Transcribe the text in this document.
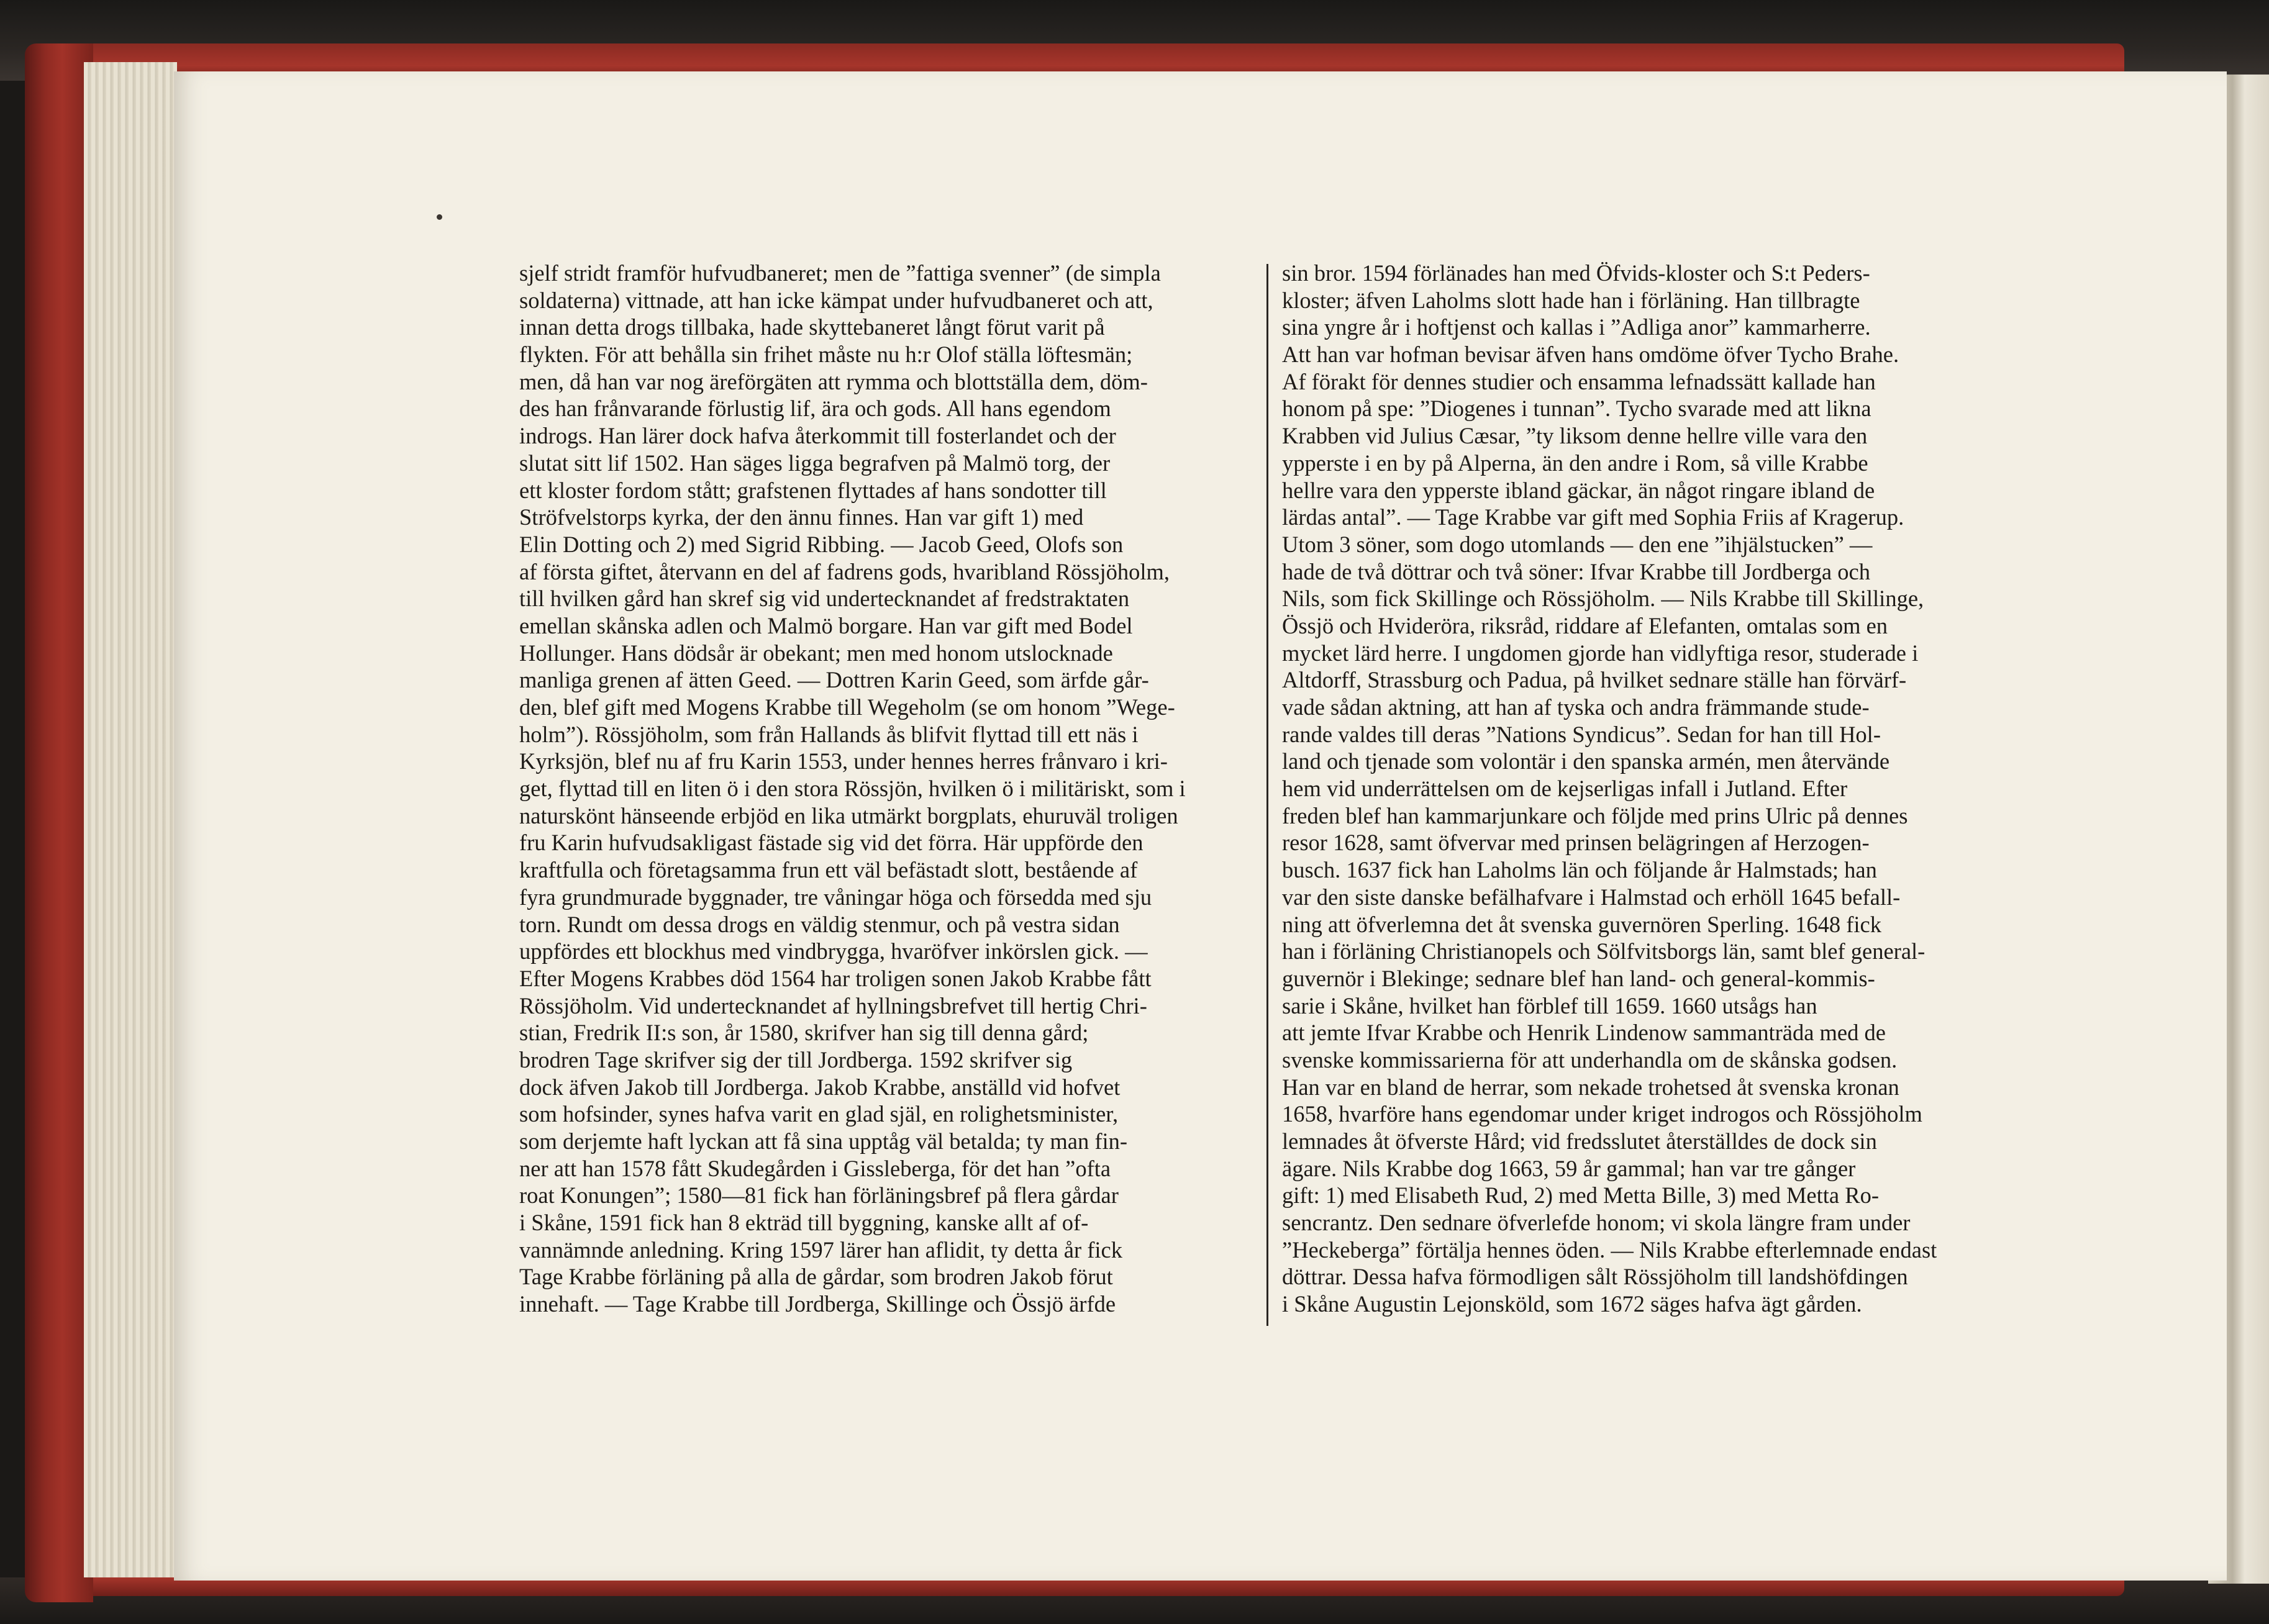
sjelf stridt framför hufvudbaneret; men de ”fattiga svenner” (de simpla
soldaterna) vittnade, att han icke kämpat under hufvudbaneret och att,
innan detta drogs tillbaka, hade skyttebaneret långt förut varit på
flykten. För att behålla sin frihet måste nu h:r Olof ställa löftesmän;
men, då han var nog äreförgäten att rymma och blottställa dem, döm-
des han frånvarande förlustig lif, ära och gods. All hans egendom
indrogs. Han lärer dock hafva återkommit till fosterlandet och der
slutat sitt lif 1502. Han säges ligga begrafven på Malmö torg, der
ett kloster fordom stått; grafstenen flyttades af hans sondotter till
Ströfvelstorps kyrka, der den ännu finnes. Han var gift 1) med
Elin Dotting och 2) med Sigrid Ribbing. — Jacob Geed, Olofs son
af första giftet, återvann en del af fadrens gods, hvaribland Rössjöholm,
till hvilken gård han skref sig vid undertecknandet af fredstraktaten
emellan skånska adlen och Malmö borgare. Han var gift med Bodel
Hollunger. Hans dödsår är obekant; men med honom utslocknade
manliga grenen af ätten Geed. — Dottren Karin Geed, som ärfde går-
den, blef gift med Mogens Krabbe till Wegeholm (se om honom ”Wege-
holm”). Rössjöholm, som från Hallands ås blifvit flyttad till ett näs i
Kyrksjön, blef nu af fru Karin 1553, under hennes herres frånvaro i kri-
get, flyttad till en liten ö i den stora Rössjön, hvilken ö i militäriskt, som i
naturskönt hänseende erbjöd en lika utmärkt borgplats, ehuruväl troligen
fru Karin hufvudsakligast fästade sig vid det förra. Här uppförde den
kraftfulla och företagsamma frun ett väl befästadt slott, bestående af
fyra grundmurade byggnader, tre våningar höga och försedda med sju
torn. Rundt om dessa drogs en väldig stenmur, och på vestra sidan
uppfördes ett blockhus med vindbrygga, hvaröfver inkörslen gick. —
Efter Mogens Krabbes död 1564 har troligen sonen Jakob Krabbe fått
Rössjöholm. Vid undertecknandet af hyllningsbrefvet till hertig Chri-
stian, Fredrik II:s son, år 1580, skrifver han sig till denna gård;
brodren Tage skrifver sig der till Jordberga. 1592 skrifver sig
dock äfven Jakob till Jordberga. Jakob Krabbe, anställd vid hofvet
som hofsinder, synes hafva varit en glad själ, en rolighetsminister,
som derjemte haft lyckan att få sina upptåg väl betalda; ty man fin-
ner att han 1578 fått Skudegården i Gissleberga, för det han ”ofta
roat Konungen”; 1580—81 fick han förläningsbref på flera gårdar
i Skåne, 1591 fick han 8 ekträd till byggning, kanske allt af of-
vannämnde anledning. Kring 1597 lärer han aflidit, ty detta år fick
Tage Krabbe förläning på alla de gårdar, som brodren Jakob förut
innehaft. — Tage Krabbe till Jordberga, Skillinge och Össjö ärfde
sin bror. 1594 förlänades han med Öfvids-kloster och S:t Peders-
kloster; äfven Laholms slott hade han i förläning. Han tillbragte
sina yngre år i hoftjenst och kallas i ”Adliga anor” kammarherre.
Att han var hofman bevisar äfven hans omdöme öfver Tycho Brahe.
Af förakt för dennes studier och ensamma lefnadssätt kallade han
honom på spe: ”Diogenes i tunnan”. Tycho svarade med att likna
Krabben vid Julius Cæsar, ”ty liksom denne hellre ville vara den
ypperste i en by på Alperna, än den andre i Rom, så ville Krabbe
hellre vara den ypperste ibland gäckar, än något ringare ibland de
lärdas antal”. — Tage Krabbe var gift med Sophia Friis af Kragerup.
Utom 3 söner, som dogo utomlands — den ene ”ihjälstucken” —
hade de två döttrar och två söner: Ifvar Krabbe till Jordberga och
Nils, som fick Skillinge och Rössjöholm. — Nils Krabbe till Skillinge,
Össjö och Hvideröra, riksråd, riddare af Elefanten, omtalas som en
mycket lärd herre. I ungdomen gjorde han vidlyftiga resor, studerade i
Altdorff, Strassburg och Padua, på hvilket sednare ställe han förvärf-
vade sådan aktning, att han af tyska och andra främmande stude-
rande valdes till deras ”Nations Syndicus”. Sedan for han till Hol-
land och tjenade som volontär i den spanska armén, men återvände
hem vid underrättelsen om de kejserligas infall i Jutland. Efter
freden blef han kammarjunkare och följde med prins Ulric på dennes
resor 1628, samt öfvervar med prinsen belägringen af Herzogen-
busch. 1637 fick han Laholms län och följande år Halmstads; han
var den siste danske befälhafvare i Halmstad och erhöll 1645 befall-
ning att öfverlemna det åt svenska guvernören Sperling. 1648 fick
han i förläning Christianopels och Sölfvitsborgs län, samt blef general-
guvernör i Blekinge; sednare blef han land- och general-kommis-
sarie i Skåne, hvilket han förblef till 1659. 1660 utsågs han
att jemte Ifvar Krabbe och Henrik Lindenow sammanträda med de
svenske kommissarierna för att underhandla om de skånska godsen.
Han var en bland de herrar, som nekade trohetsed åt svenska kronan
1658, hvarföre hans egendomar under kriget indrogos och Rössjöholm
lemnades åt öfverste Hård; vid fredsslutet återställdes de dock sin
ägare. Nils Krabbe dog 1663, 59 år gammal; han var tre gånger
gift: 1) med Elisabeth Rud, 2) med Metta Bille, 3) med Metta Ro-
sencrantz. Den sednare öfverlefde honom; vi skola längre fram under
”Heckeberga” förtälja hennes öden. — Nils Krabbe efterlemnade endast
döttrar. Dessa hafva förmodligen sålt Rössjöholm till landshöfdingen
i Skåne Augustin Lejonsköld, som 1672 säges hafva ägt gården.
